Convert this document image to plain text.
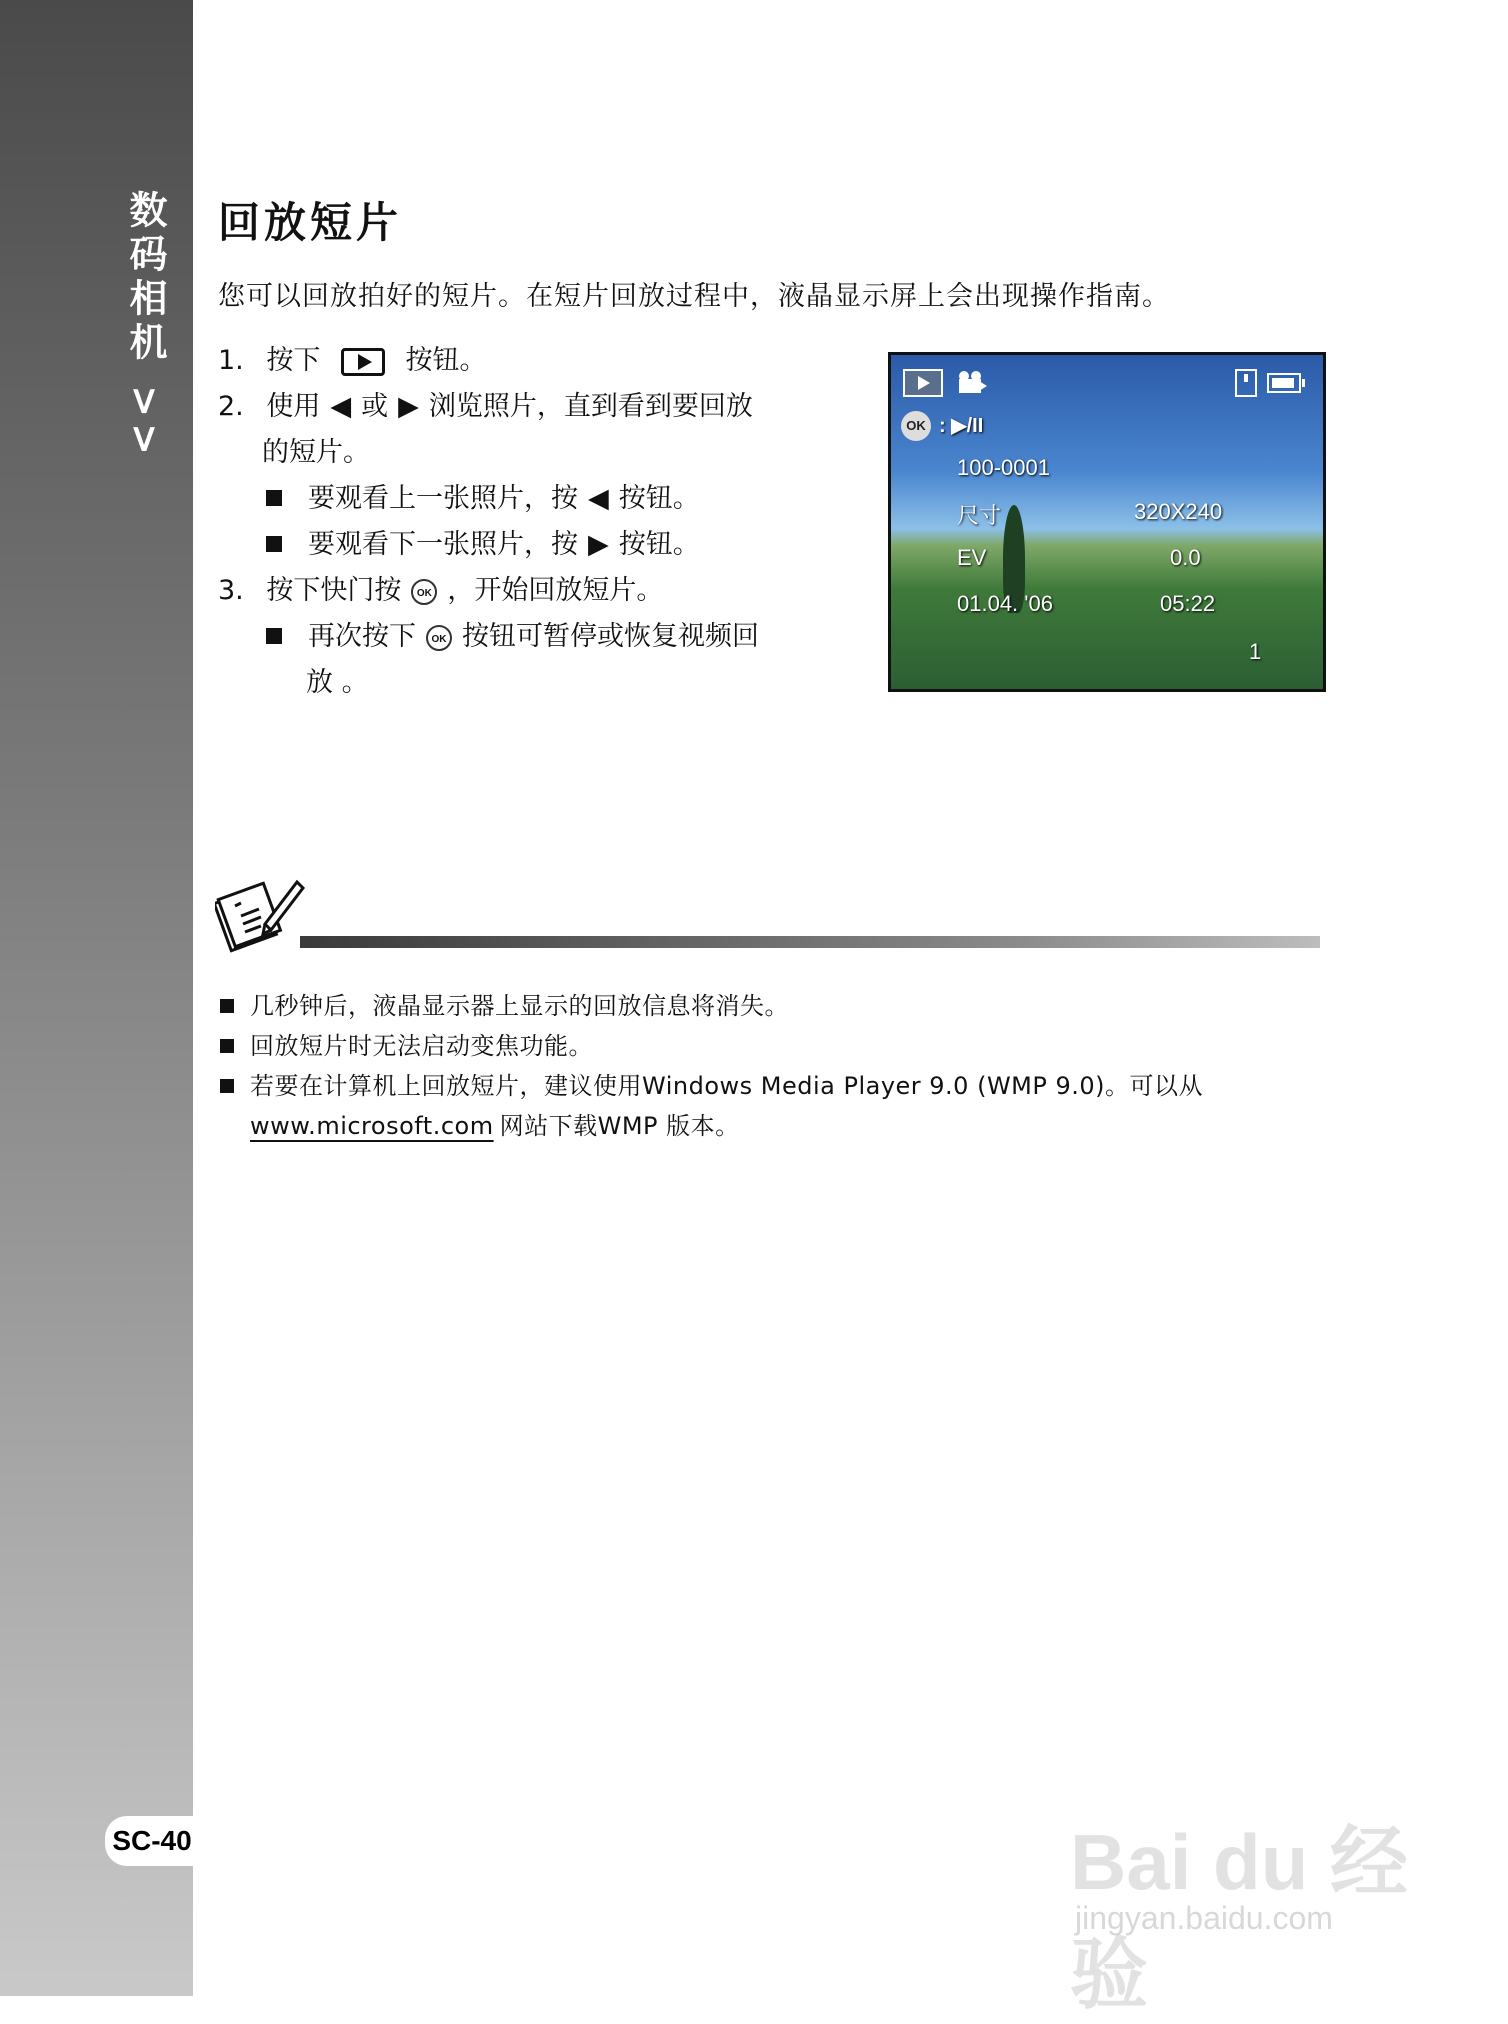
数码相机 >>
SC-40
回放短片
您可以回放拍好的短片。在短片回放过程中，液晶显示屏上会出现操作指南。
1. 按下	按钮。
2. 使用 ◀ 或 ▶ 浏览照片，直到看到要回放
的短片。
要观看上一张照片，按 ◀ 按钮。
要观看下一张照片，按 ▶ 按钮。
3. 按下快门按 OK ，开始回放短片。
再次按下 OK 按钮可暂停或恢复视频回
放 。
OK : ▶/II
100-0001
尺寸	320X240
EV	0.0
01.04. '06	05:22
1
几秒钟后，液晶显示器上显示的回放信息将消失。
回放短片时无法启动变焦功能。
若要在计算机上回放短片，建议使用Windows Media Player 9.0 (WMP 9.0)。可以从
www.microsoft.com 网站下载WMP 版本。
Bai du 经验
jingyan.baidu.com
